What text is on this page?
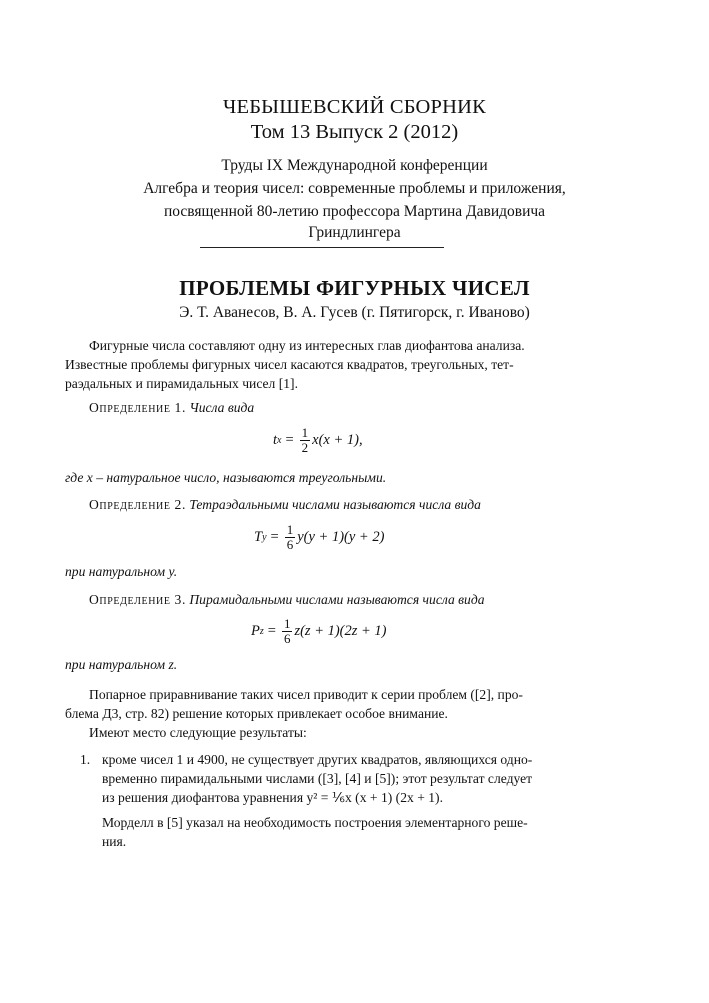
ЧЕБЫШЕВСКИЙ СБОРНИК
Том 13 Выпуск 2 (2012)
Труды IX Международной конференции
Алгебра и теория чисел: современные проблемы и приложения,
посвященной 80-летию профессора Мартина Давидовича
Гриндлингера
ПРОБЛЕМЫ ФИГУРНЫХ ЧИСЕЛ
Э. Т. Аванесов, В. А. Гусев (г. Пятигорск, г. Иваново)
Фигурные числа составляют одну из интересных глав диофантова анализа.
Известные проблемы фигурных чисел касаются квадратов, треугольных, тет-
раэдальных и пирамидальных чисел [1].
Определение 1. Числа вида
t $x = \frac{1}{2} x(x + 1)$,
где x – натуральное число, называются треугольными.
Определение 2. Тетраэдальными числами называются числа вида
T $y = \frac{1}{6} y(y + 1)(y + 2)$
при натуральном y.
Определение 3. Пирамидальными числами называются числа вида
P $z = \frac{1}{6} z(z + 1)(2z + 1)$
при натуральном z.
Попарное приравнивание таких чисел приводит к серии проблем ([2], про-
блема Д3, стр. 82) решение которых привлекает особое внимание.
Имеют место следующие результаты:
1. кроме чисел 1 и 4900, не существует других квадратов, являющихся одно-
временно пирамидальными числами ([3], [4] и [5]); этот результат следует
из решения диофантова уравнения y² = ⅙x (x + 1) (2x + 1).
Морделл в [5] указал на необходимость построения элементарного реше-
ния.
